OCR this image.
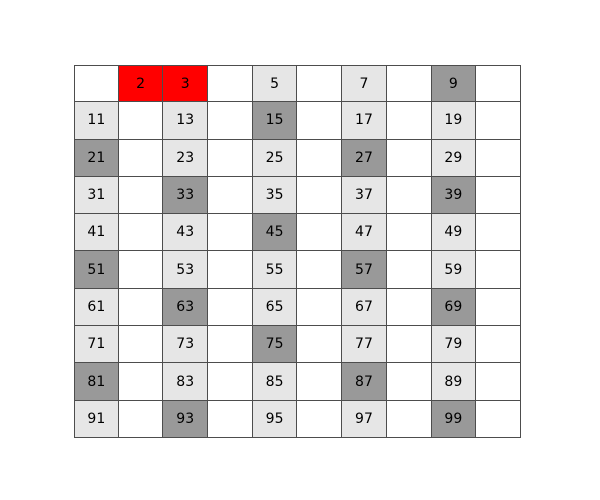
2	3	5	7	9
11	13	15	17	19
21	23	25	27	29
31	33	35	37	39
41	43	45	47	49
51	53	55	57	59
61	63	65	67	69
71	73	75	77	79
81	83	85	87	89
91	93	95	97	99
